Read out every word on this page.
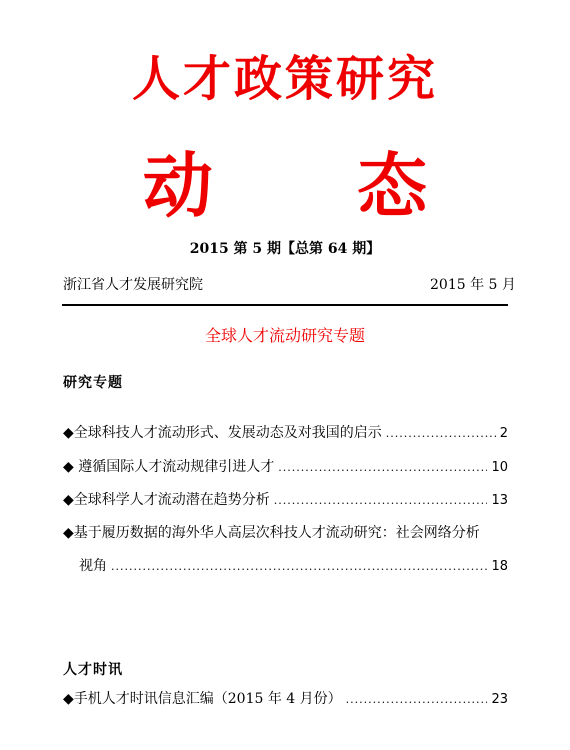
人才政策研究
动 态
2015 第 5 期【总第 64 期】
浙江省人才发展研究院	2015 年 5 月
全球人才流动研究专题
研究专题
◆全球科技人才流动形式、发展动态及对我国的启示 .....	2
◆ 遵循国际人才流动规律引进人才 .....	10
◆全球科学人才流动潜在趋势分析 .....	13
◆基于履历数据的海外华人高层次科技人才流动研究：社会网络分析
视角 .....	18
人才时讯
◆手机人才时讯信息汇编（2015 年 4 月份） .....	23
